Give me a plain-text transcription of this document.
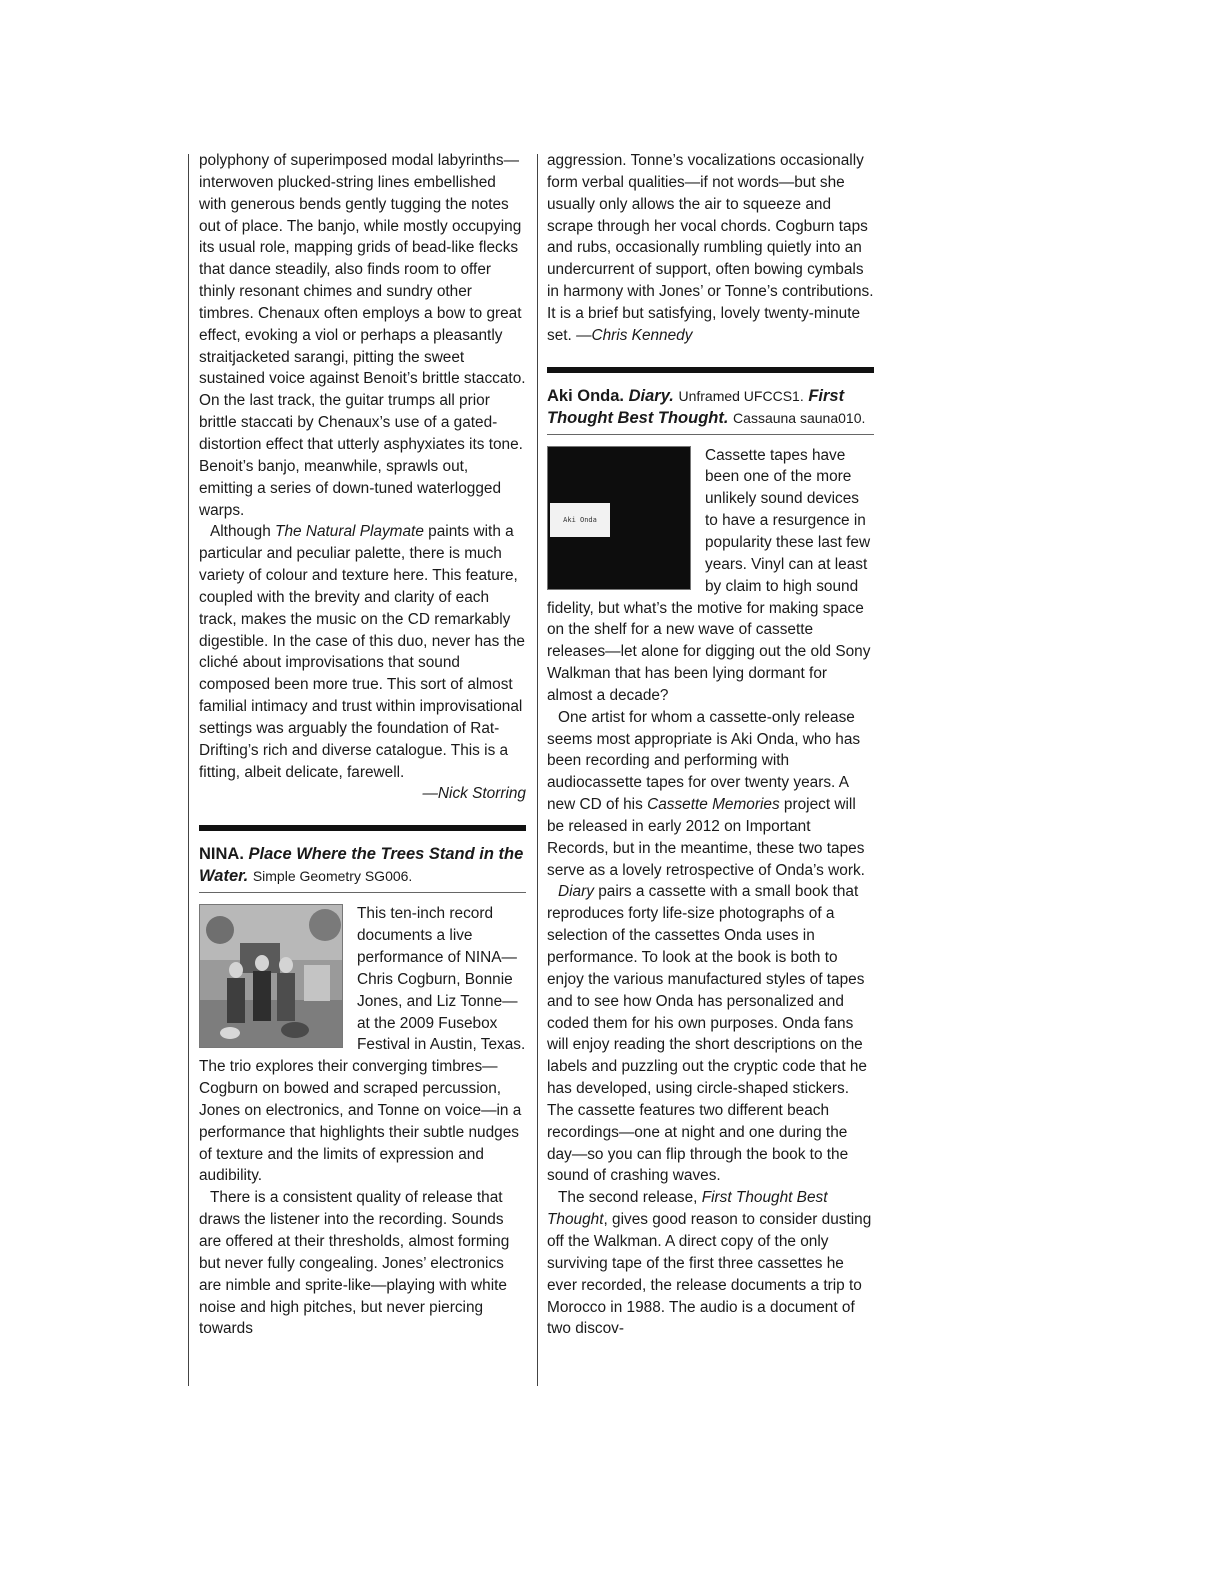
polyphony of superimposed modal labyrinths—interwoven plucked-string lines embellished with generous bends gently tugging the notes out of place. The banjo, while mostly occupying its usual role, mapping grids of bead-like flecks that dance steadily, also finds room to offer thinly resonant chimes and sundry other timbres. Chenaux often employs a bow to great effect, evoking a viol or perhaps a pleasantly straitjacketed sarangi, pitting the sweet sustained voice against Benoit’s brittle staccato. On the last track, the guitar trumps all prior brittle staccati by Chenaux’s use of a gated-distortion effect that utterly asphyxiates its tone. Benoit’s banjo, meanwhile, sprawls out, emitting a series of down-tuned waterlogged warps.

Although The Natural Playmate paints with a particular and peculiar palette, there is much variety of colour and texture here. This feature, coupled with the brevity and clarity of each track, makes the music on the CD remarkably digestible. In the case of this duo, never has the cliché about improvisations that sound composed been more true. This sort of almost familial intimacy and trust within improvisational settings was arguably the foundation of Rat-Drifting’s rich and diverse catalogue. This is a fitting, albeit delicate, farewell.

—Nick Storring

NINA. Place Where the Trees Stand in the Water. Simple Geometry SG006.

This ten-inch record documents a live performance of NINA—Chris Cogburn, Bonnie Jones, and Liz Tonne—at the 2009 Fusebox Festival in Austin, Texas. The trio explores their converging timbres—Cogburn on bowed and scraped percussion, Jones on electronics, and Tonne on voice—in a performance that highlights their subtle nudges of texture and the limits of expression and audibility.

There is a consistent quality of release that draws the listener into the recording. Sounds are offered at their thresholds, almost forming but never fully congealing. Jones’ electronics are nimble and sprite-like—playing with white noise and high pitches, but never piercing towards

aggression. Tonne’s vocalizations occasionally form verbal qualities—if not words—but she usually only allows the air to squeeze and scrape through her vocal chords. Cogburn taps and rubs, occasionally rumbling quietly into an undercurrent of support, often bowing cymbals in harmony with Jones’ or Tonne’s contributions. It is a brief but satisfying, lovely twenty-minute set. —Chris Kennedy

Aki Onda. Diary. Unframed UFCCS1. First Thought Best Thought. Cassauna sauna010.
Aki Onda

Cassette tapes have been one of the more unlikely sound devices to have a resurgence in popularity these last few years. Vinyl can at least by claim to high sound fidelity, but what’s the motive for making space on the shelf for a new wave of cassette releases—let alone for digging out the old Sony Walkman that has been lying dormant for almost a decade?

One artist for whom a cassette-only release seems most appropriate is Aki Onda, who has been recording and performing with audiocassette tapes for over twenty years. A new CD of his Cassette Memories project will be released in early 2012 on Important Records, but in the meantime, these two tapes serve as a lovely retrospective of Onda’s work.

Diary pairs a cassette with a small book that reproduces forty life-size photographs of a selection of the cassettes Onda uses in performance. To look at the book is both to enjoy the various manufactured styles of tapes and to see how Onda has personalized and coded them for his own purposes. Onda fans will enjoy reading the short descriptions on the labels and puzzling out the cryptic code that he has developed, using circle-shaped stickers. The cassette features two different beach recordings—one at night and one during the day—so you can flip through the book to the sound of crashing waves.

The second release, First Thought Best Thought, gives good reason to consider dusting off the Walkman. A direct copy of the only surviving tape of the first three cassettes he ever recorded, the release documents a trip to Morocco in 1988. The audio is a document of two discov-
